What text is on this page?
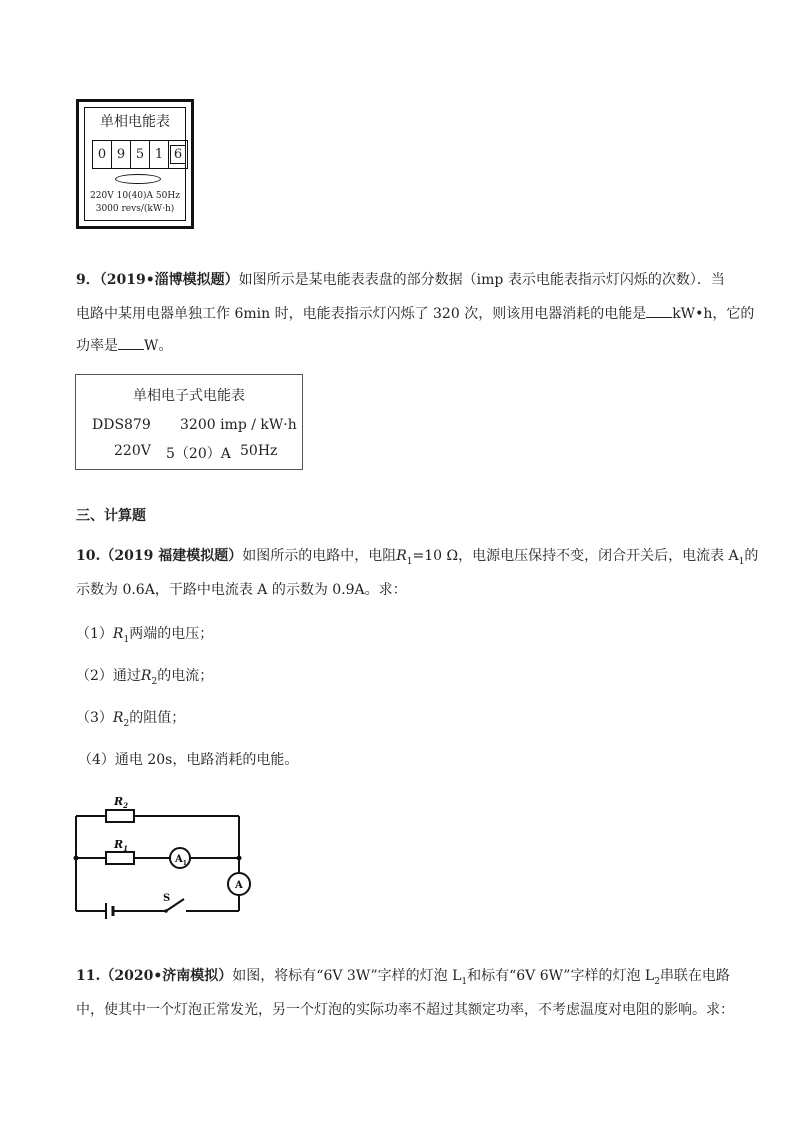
单相电能表
0 9 5 1 6
220V 10(40)A 50Hz
3000 revs/(kW·h)
9．（2019•淄博模拟题）如图所示是某电能表表盘的部分数据（imp 表示电能表指示灯闪烁的次数）．当
电路中某用电器单独工作 6min 时，电能表指示灯闪烁了 320 次，则该用电器消耗的电能是 kW•h，它的
功率是 W。
单相电子式电能表
DDS879 3200 imp / kW·h
220V 5（20）A 50Hz
三、计算题
10.（2019 福建模拟题）如图所示的电路中，电阻$R_1=10$ Ω，电源电压保持不变，闭合开关后，电流表 $A_1$的
示数为 0.6A，干路中电流表 A 的示数为 0.9A。求：
$(1)R_1$两端的电压；
（2）通过$R_2$的电流；
$(3)R_2$的阻值；
（4）通电 20s，电路消耗的电能。
$R_2$
$R_1$
$A_1$
A
S
11.（2020•济南模拟）如图，将标有“6V 3W”字样的灯泡 $L_1$和标有“6V 6W”字样的灯泡 $L_2$串联在电路
中，使其中一个灯泡正常发光，另一个灯泡的实际功率不超过其额定功率，不考虑温度对电阻的影响。求：
